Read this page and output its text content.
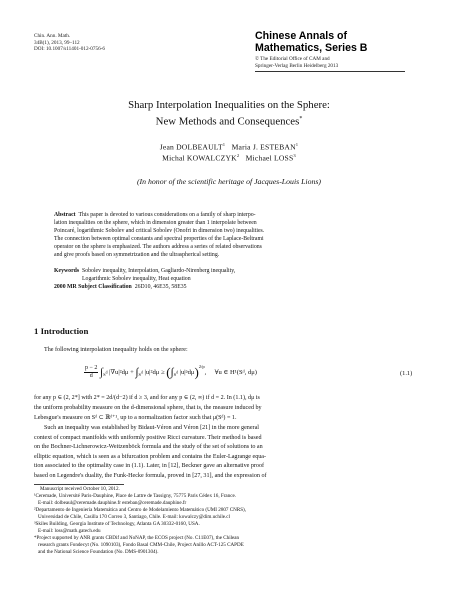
Chin. Ann. Math.
34B(1), 2013, 99–112
DOI: 10.1007/s11401-012-0756-6
Chinese Annals of
Mathematics, Series B
© The Editorial Office of CAM and
Springer-Verlag Berlin Heidelberg 2013
Sharp Interpolation Inequalities on the Sphere:
New Methods and Consequences*
Jean DOLBEAULT$^1$ Maria J. ESTEBAN$^1$
Michal KOWALCZYK$^2$ Michael LOSS$^3$
(In honor of the scientific heritage of Jacques-Louis Lions)
Abstract This paper is devoted to various considerations on a family of sharp interpo-
lation inequalities on the sphere, which in dimension greater than 1 interpolate between
Poincaré, logarithmic Sobolev and critical Sobolev (Onofri in dimension two) inequalities.
The connection between optimal constants and spectral properties of the Laplace-Beltrami
operator on the sphere is emphasized. The authors address a series of related observations
and give proofs based on symmetrization and the ultraspherical setting.
Keywords Sobolev inequality, Interpolation, Gagliardo-Nirenberg inequality,
Logarithmic Sobolev inequality, Heat equation
2000 MR Subject Classification 26D10, 46E35, 58E35
1 Introduction
The following interpolation inequality holds on the sphere:
$\frac{p - 2}{d} \int_{S^d}$ $|\nabla u|^2d\mu + \int_{S^d}$ $|u|^2d\mu \ge (\int_{S^d}$ |u|ᵖdμ)$^{2/p}$,     ∀u ∈ H¹(Sᵈ, dμ)	(1.1)
for any p ∈ (2, 2*] with 2* = 2d/(d−2) if d ≥ 3, and for any p ∈ (2, ∞) if d = 2. In (1.1), dμ is
the uniform probability measure on the d-dimensional sphere, that is, the measure induced by
Lebesgue's measure on Sᵈ ⊂ ℝᵈ⁺¹, up to a normalization factor such that μ(Sᵈ) = 1.
Such an inequality was established by Bidaut-Véron and Véron [21] in the more general
context of compact manifolds with uniformly positive Ricci curvature. Their method is based
on the Bochner-Lichnerowicz-Weitzenböck formula and the study of the set of solutions to an
elliptic equation, which is seen as a bifurcation problem and contains the Euler-Lagrange equa-
tion associated to the optimality case in (1.1). Later, in [12], Beckner gave an alternative proof
based on Legendre's duality, the Funk-Hecke formula, proved in [27, 31], and the expression of
Manuscript received October 10, 2012.
¹Ceremade, Université Paris-Dauphine, Place de Lattre de Tassigny, 75775 Paris Cédex 16, France.
E-mail: dolbeaul@ceremade.dauphine.fr esteban@ceremade.dauphine.fr
²Departamento de Ingeniería Matemática and Centro de Modelamiento Matemático (UMI 2807 CNRS),
Universidad de Chile, Casilla 170 Correo 3, Santiago, Chile. E-mail: kowalczy@dim.uchile.cl
³Skiles Building, Georgia Institute of Technology, Atlanta GA 30332-0160, USA.
E-mail: loss@math.gatech.edu
*Project supported by ANR grants CBDif and NoNAP, the ECOS project (No. C11E07), the Chilean
research grants Fondecyt (No. 1090103), Fondo Basal CMM-Chile, Project Anillo ACT-125 CAPDE
and the National Science Foundation (No. DMS-0901304).
